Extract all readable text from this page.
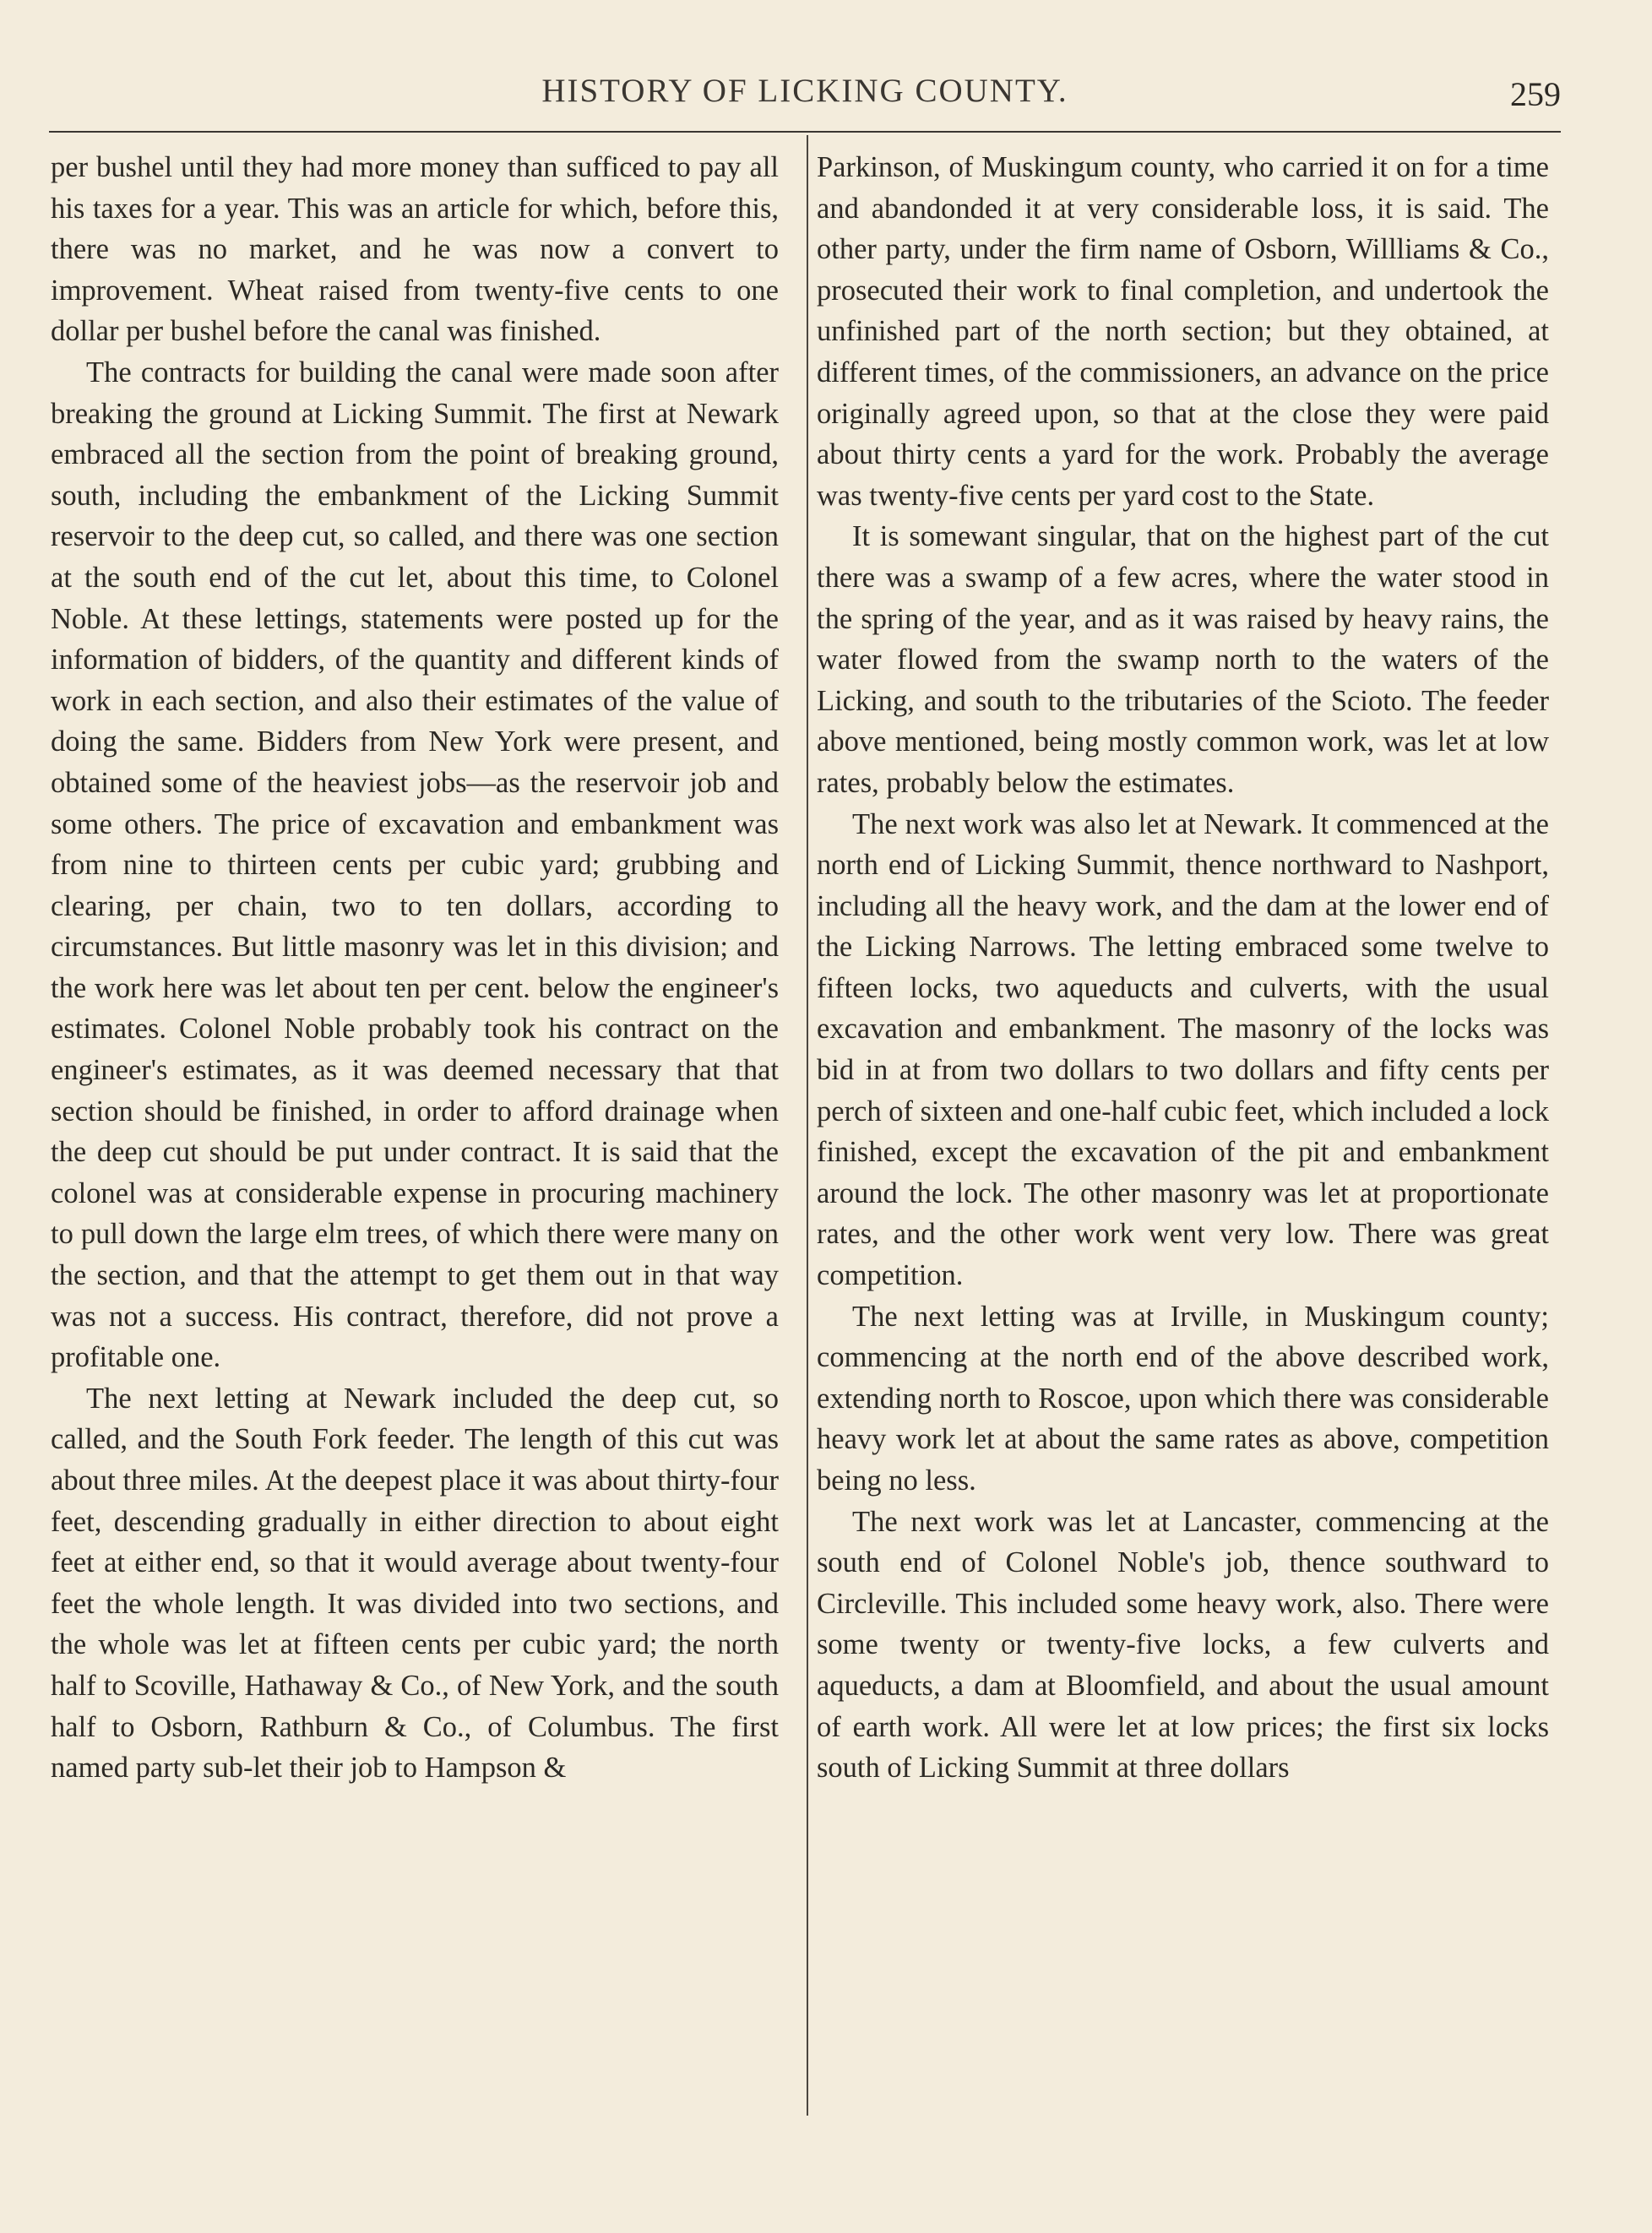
HISTORY OF LICKING COUNTY.	259

per bushel until they had more money than sufficed to pay all his taxes for a year. This was an article for which, before this, there was no market, and he was now a convert to improvement. Wheat raised from twenty-five cents to one dollar per bushel before the canal was finished.

The contracts for building the canal were made soon after breaking the ground at Licking Summit. The first at Newark embraced all the section from the point of breaking ground, south, including the embankment of the Licking Summit reservoir to the deep cut, so called, and there was one section at the south end of the cut let, about this time, to Colonel Noble. At these lettings, statements were posted up for the information of bidders, of the quantity and different kinds of work in each section, and also their estimates of the value of doing the same. Bidders from New York were present, and obtained some of the heaviest jobs—as the reservoir job and some others. The price of excavation and embankment was from nine to thirteen cents per cubic yard; grubbing and clearing, per chain, two to ten dollars, according to circumstances. But little masonry was let in this division; and the work here was let about ten per cent. below the engineer's estimates. Colonel Noble probably took his contract on the engineer's estimates, as it was deemed necessary that that section should be finished, in order to afford drainage when the deep cut should be put under contract. It is said that the colonel was at considerable expense in procuring machinery to pull down the large elm trees, of which there were many on the section, and that the attempt to get them out in that way was not a success. His contract, therefore, did not prove a profitable one.

The next letting at Newark included the deep cut, so called, and the South Fork feeder. The length of this cut was about three miles. At the deepest place it was about thirty-four feet, descending gradually in either direction to about eight feet at either end, so that it would average about twenty-four feet the whole length. It was divided into two sections, and the whole was let at fifteen cents per cubic yard; the north half to Scoville, Hathaway & Co., of New York, and the south half to Osborn, Rathburn & Co., of Columbus. The first named party sub-let their job to Hampson &

Parkinson, of Muskingum county, who carried it on for a time and abandonded it at very considerable loss, it is said. The other party, under the firm name of Osborn, Willliams & Co., prosecuted their work to final completion, and undertook the unfinished part of the north section; but they obtained, at different times, of the commissioners, an advance on the price originally agreed upon, so that at the close they were paid about thirty cents a yard for the work. Probably the average was twenty-five cents per yard cost to the State.

It is somewant singular, that on the highest part of the cut there was a swamp of a few acres, where the water stood in the spring of the year, and as it was raised by heavy rains, the water flowed from the swamp north to the waters of the Licking, and south to the tributaries of the Scioto. The feeder above mentioned, being mostly common work, was let at low rates, probably below the estimates.

The next work was also let at Newark. It commenced at the north end of Licking Summit, thence northward to Nashport, including all the heavy work, and the dam at the lower end of the Licking Narrows. The letting embraced some twelve to fifteen locks, two aqueducts and culverts, with the usual excavation and embankment. The masonry of the locks was bid in at from two dollars to two dollars and fifty cents per perch of sixteen and one-half cubic feet, which included a lock finished, except the excavation of the pit and embankment around the lock. The other masonry was let at proportionate rates, and the other work went very low. There was great competition.

The next letting was at Irville, in Muskingum county; commencing at the north end of the above described work, extending north to Roscoe, upon which there was considerable heavy work let at about the same rates as above, competition being no less.

The next work was let at Lancaster, commencing at the south end of Colonel Noble's job, thence southward to Circleville. This included some heavy work, also. There were some twenty or twenty-five locks, a few culverts and aqueducts, a dam at Bloomfield, and about the usual amount of earth work. All were let at low prices; the first six locks south of Licking Summit at three dollars
